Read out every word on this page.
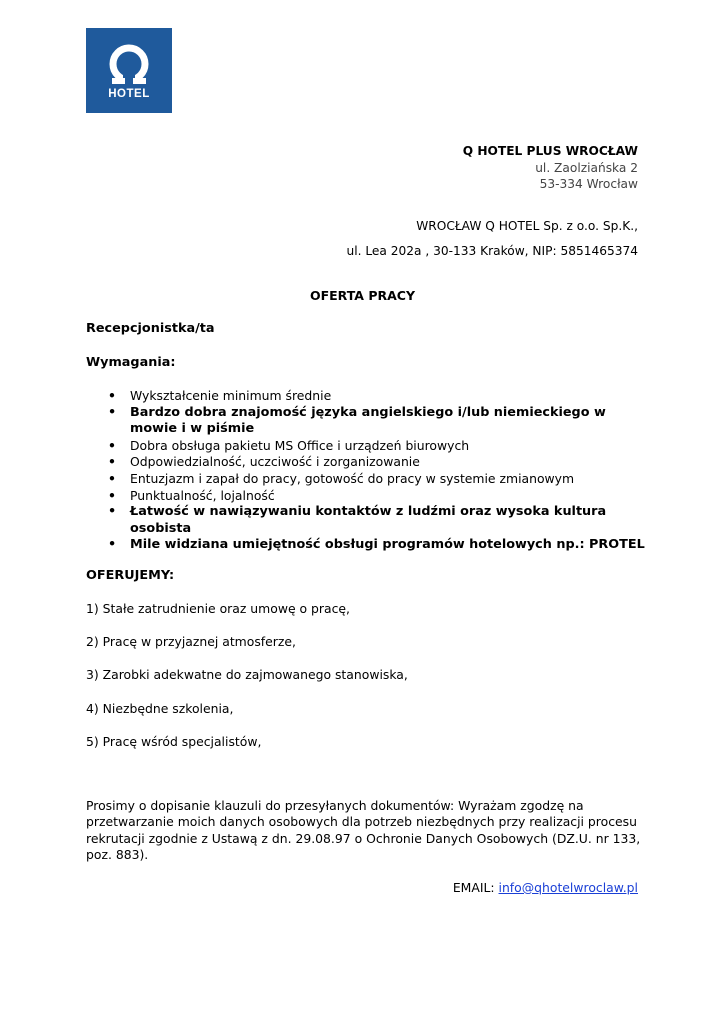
HOTEL
Q HOTEL PLUS WROCŁAW
ul. Zaolziańska 2
53-334 Wrocław
WROCŁAW Q HOTEL Sp. z o.o. Sp.K.,
ul. Lea 202a , 30-133 Kraków, NIP: 5851465374
OFERTA PRACY
Recepcjonistka/ta
Wymagania:
• Wykształcenie minimum średnie
• Bardzo dobra znajomość języka angielskiego i/lub niemieckiego w mowie i w piśmie
• Dobra obsługa pakietu MS Office i urządzeń biurowych
• Odpowiedzialność, uczciwość i zorganizowanie
• Entuzjazm i zapał do pracy, gotowość do pracy w systemie zmianowym
• Punktualność, lojalność
• Łatwość w nawiązywaniu kontaktów z ludźmi oraz wysoka kultura osobista
• Mile widziana umiejętność obsługi programów hotelowych np.: PROTEL
OFERUJEMY:
1) Stałe zatrudnienie oraz umowę o pracę,
2) Pracę w przyjaznej atmosferze,
3) Zarobki adekwatne do zajmowanego stanowiska,
4) Niezbędne szkolenia,
5) Pracę wśród specjalistów,
Prosimy o dopisanie klauzuli do przesyłanych dokumentów: Wyrażam zgodzę na przetwarzanie moich danych osobowych dla potrzeb niezbędnych przy realizacji procesu rekrutacji zgodnie z Ustawą z dn. 29.08.97 o Ochronie Danych Osobowych (DZ.U. nr 133, poz. 883).
EMAIL: info@qhotelwroclaw.pl
